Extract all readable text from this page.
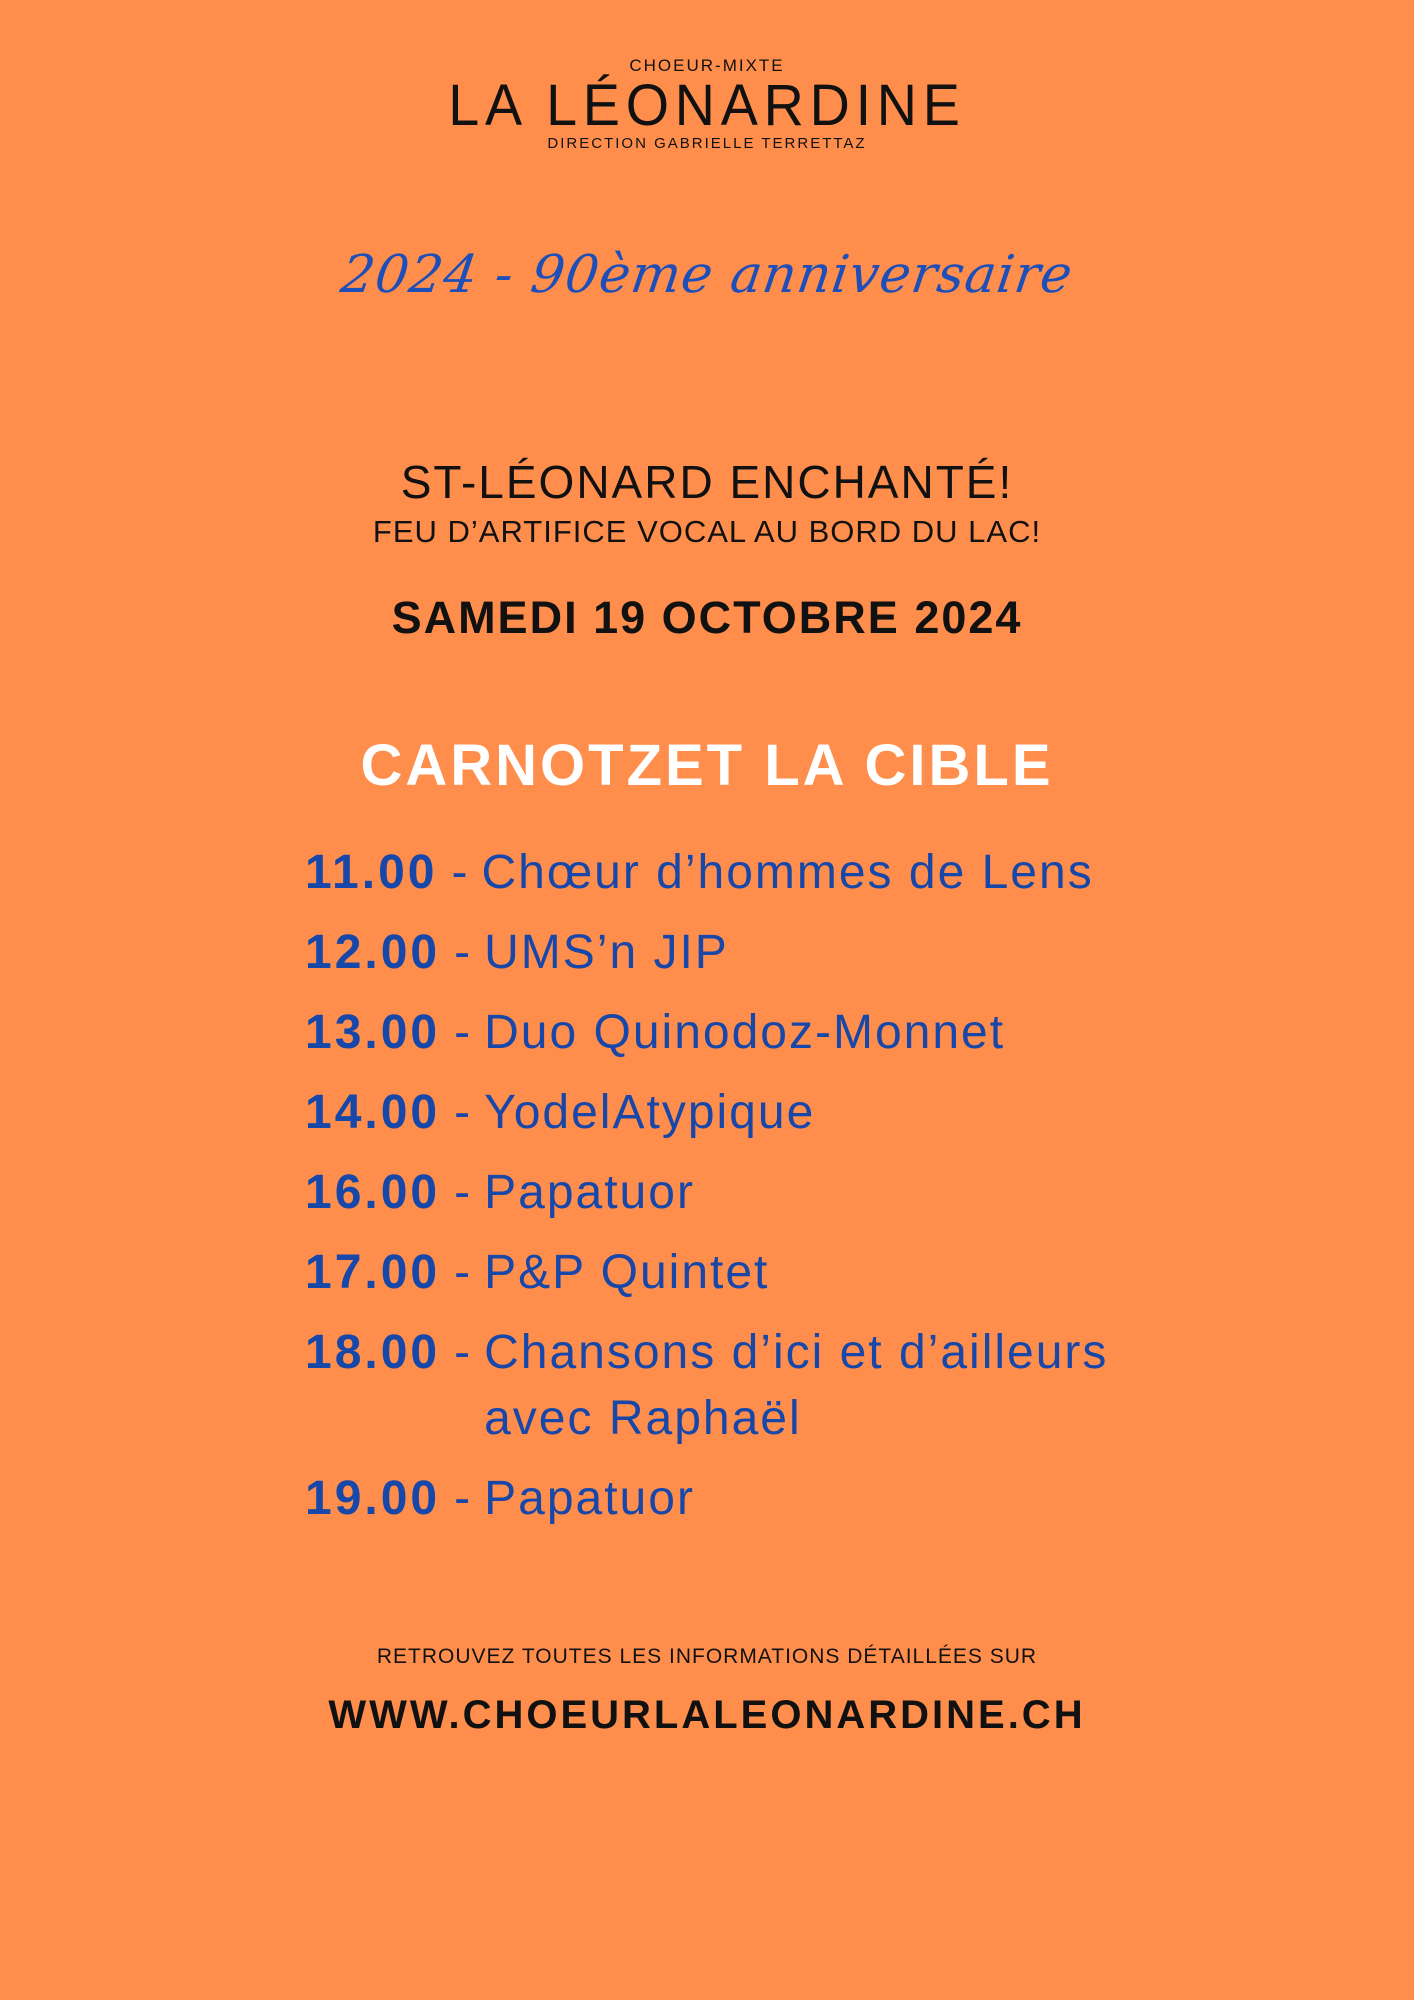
CHOEUR-MIXTE

LA LÉONARDINE

DIRECTION GABRIELLE TERRETTAZ

2024 - 90ème anniversaire

ST-LÉONARD ENCHANTÉ!

FEU D’ARTIFICE VOCAL AU BORD DU LAC!

SAMEDI 19 OCTOBRE 2024

CARNOTZET LA CIBLE
11.00 - Chœur d’hommes de Lens
12.00 - UMS’n JIP
13.00 - Duo Quinodoz-Monnet
14.00 - YodelAtypique
16.00 - Papatuor
17.00 - P&P Quintet
18.00 - Chansons d’ici et d’ailleurs avec Raphaël
19.00 - Papatuor

RETROUVEZ TOUTES LES INFORMATIONS DÉTAILLÉES SUR

WWW.CHOEURLALEONARDINE.CH
